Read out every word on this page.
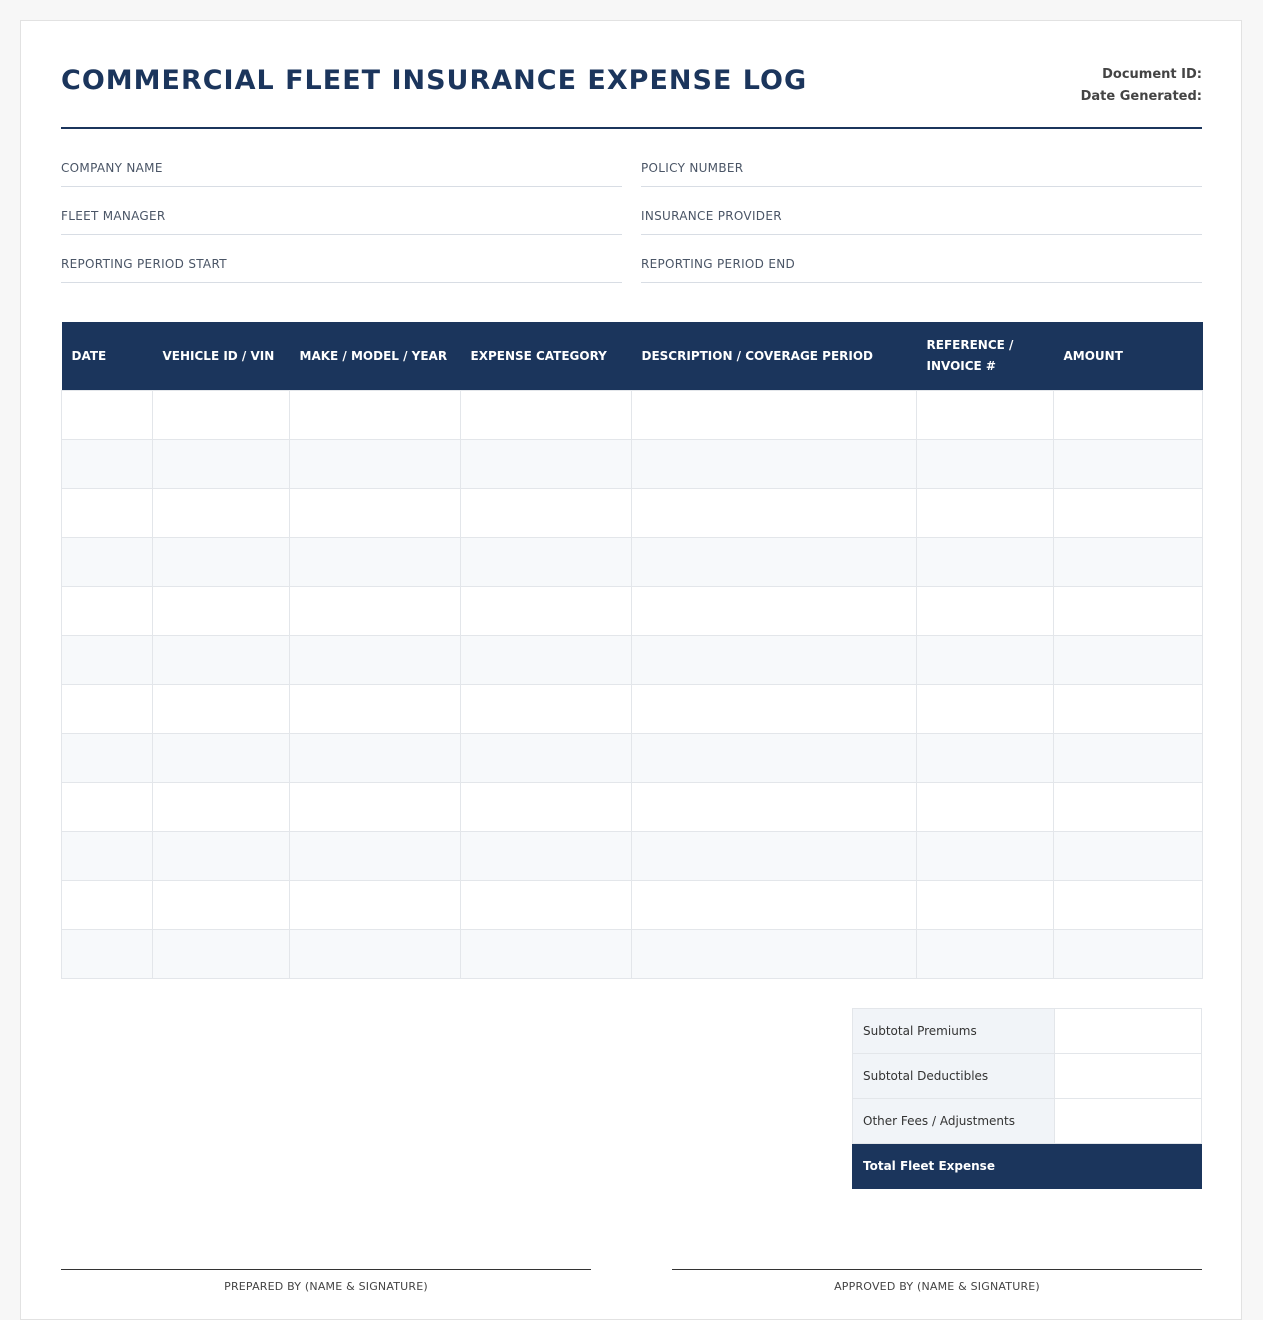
COMMERCIAL FLEET INSURANCE EXPENSE LOG	Document ID:
Date Generated:
COMPANY NAME	POLICY NUMBER
FLEET MANAGER	INSURANCE PROVIDER
REPORTING PERIOD START	REPORTING PERIOD END
DATE	VEHICLE ID / VIN	MAKE / MODEL / YEAR	EXPENSE CATEGORY	DESCRIPTION / COVERAGE PERIOD	REFERENCE / INVOICE #	AMOUNT

Subtotal Premiums	
Subtotal Deductibles	
Other Fees / Adjustments	
Total Fleet Expense	
PREPARED BY (NAME & SIGNATURE)	APPROVED BY (NAME & SIGNATURE)
